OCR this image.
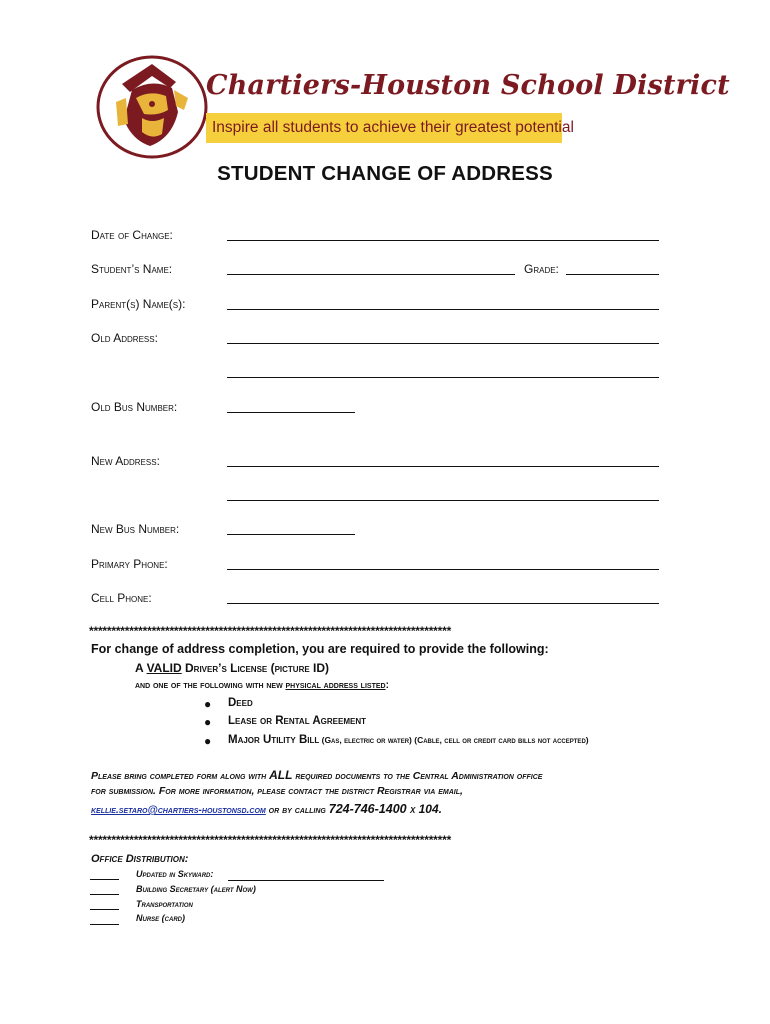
Chartiers-Houston School District
Inspire all students to achieve their greatest potential
STUDENT CHANGE OF ADDRESS
Date of Change:
Student’s Name:	Grade:
Parent(s) Name(s):
Old Address:
Old Bus Number:
New Address:
New Bus Number:
Primary Phone:
Cell Phone:
*********************************************************************************
For change of address completion, you are required to provide the following:
A VALID Driver’s License (picture ID)
and one of the following with new physical address listed:
● Deed
● Lease or Rental Agreement
● Major Utility Bill (Gas, electric or water) (Cable, cell or credit card bills not accepted)
Please bring completed form along with ALL required documents to the Central Administration office
for submission. For more information, please contact the district Registrar via email,
kellie.setaro@chartiers-houstonsd.com or by calling 724-746-1400 x 104.
*********************************************************************************
Office Distribution:
Updated in Skyward:
Building Secretary (alert Now)
Transportation
Nurse (card)
